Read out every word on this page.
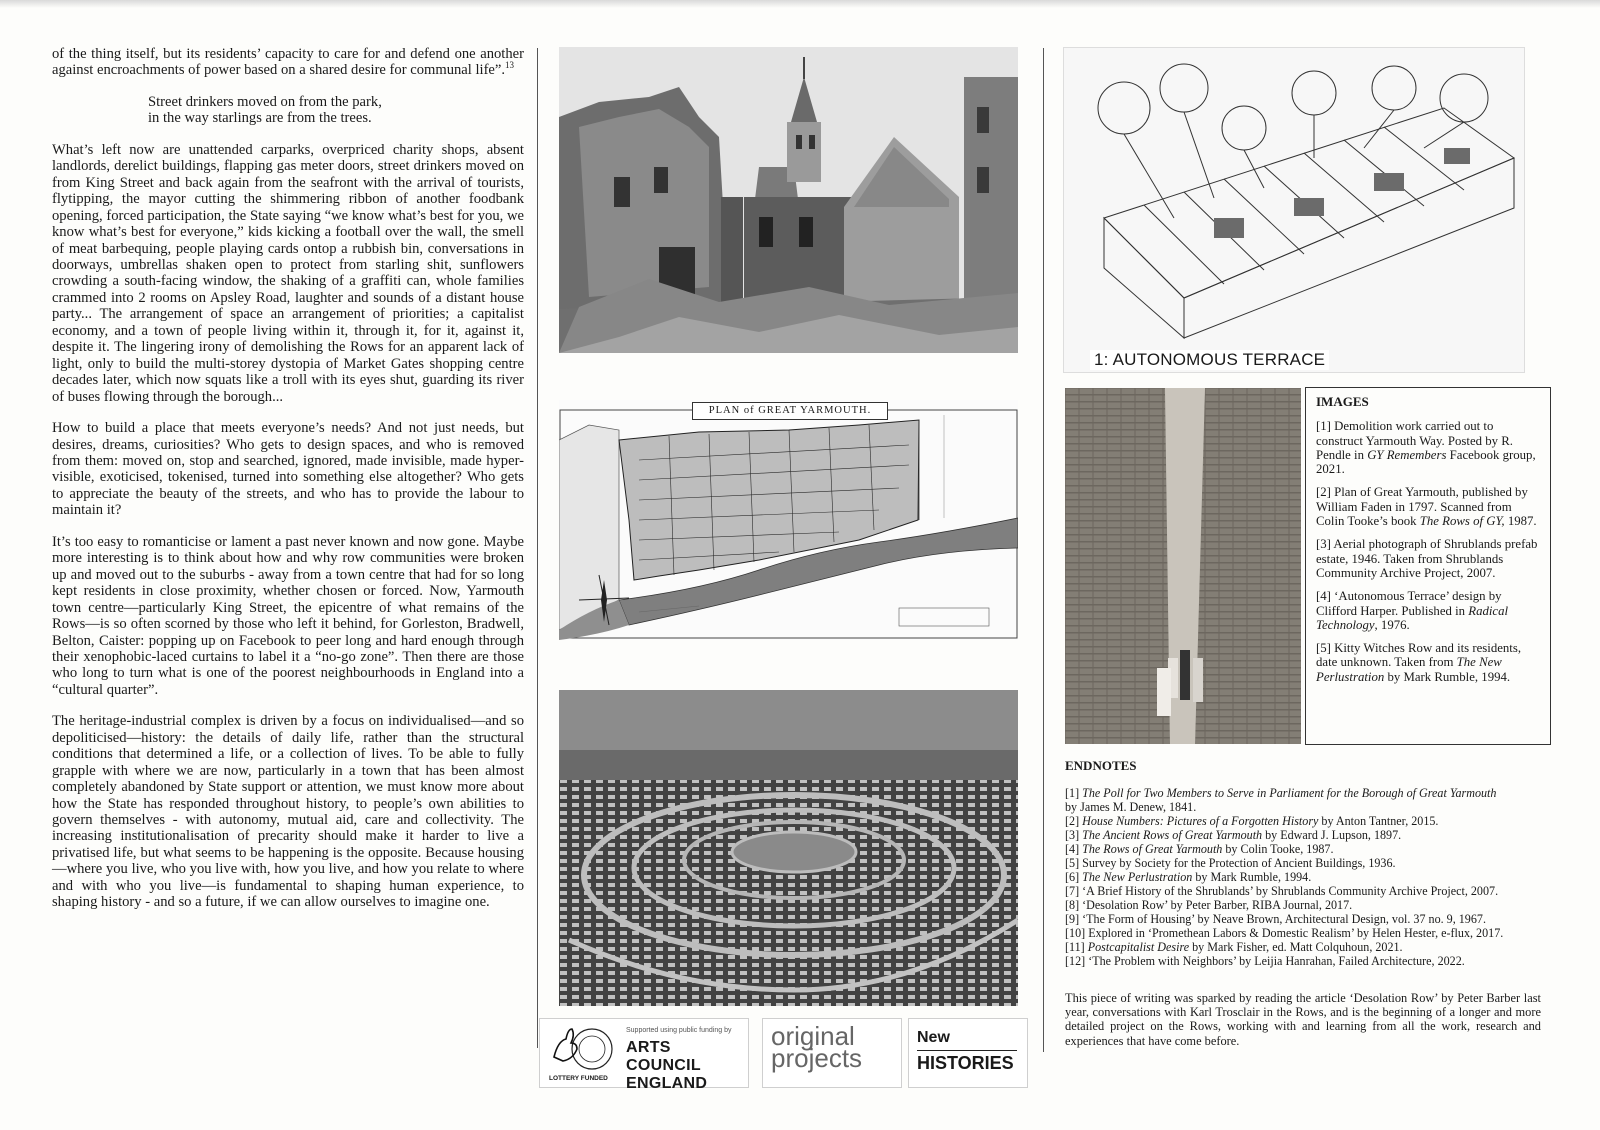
of the thing itself, but its residents’ capacity to care for and defend one another against encroachments of power based on a shared desire for communal life”.$^{13}$

Street drinkers moved on from the park,
in the way starlings are from the trees.

What’s left now are unattended carparks, overpriced charity shops, absent landlords, derelict buildings, flapping gas meter doors, street drinkers moved on from King Street and back again from the seafront with the arrival of tourists, flytipping, the mayor cutting the shimmering ribbon of another foodbank opening, forced participation, the State saying “we know what’s best for you, we know what’s best for everyone,” kids kicking a football over the wall, the smell of meat barbequing, people playing cards ontop a rubbish bin, conversations in doorways, umbrellas shaken open to protect from starling shit, sunflowers crowding a south-facing window, the shaking of a graffiti can, whole families crammed into 2 rooms on Apsley Road, laughter and sounds of a distant house party... The arrangement of space an arrangement of priorities; a capitalist economy, and a town of people living within it, through it, for it, against it, despite it. The lingering irony of demolishing the Rows for an apparent lack of light, only to build the multi-storey dystopia of Market Gates shopping centre decades later, which now squats like a troll with its eyes shut, guarding its river of buses flowing through the borough...

How to build a place that meets everyone’s needs? And not just needs, but desires, dreams, curiosities? Who gets to design spaces, and who is removed from them: moved on, stop and searched, ignored, made invisible, made hyper-visible, exoticised, tokenised, turned into something else altogether? Who gets to appreciate the beauty of the streets, and who has to provide the labour to maintain it?

It’s too easy to romanticise or lament a past never known and now gone. Maybe more interesting is to think about how and why row communities were broken up and moved out to the suburbs - away from a town centre that had for so long kept residents in close proximity, whether chosen or forced. Now, Yarmouth town centre—particularly King Street, the epicentre of what remains of the Rows—is so often scorned by those who left it behind, for Gorleston, Bradwell, Belton, Caister: popping up on Facebook to peer long and hard enough through their xenophobic-laced curtains to label it a “no-go zone”. Then there are those who long to turn what is one of the poorest neighbourhoods in England into a “cultural quarter”.

The heritage-industrial complex is driven by a focus on individualised—and so depoliticised—history: the details of daily life, rather than the structural conditions that determined a life, or a collection of lives. To be able to fully grapple with where we are now, particularly in a town that has been almost completely abandoned by State support or attention, we must know more about how the State has responded throughout history, to people’s own abilities to govern themselves - with autonomy, mutual aid, care and collectivity. The increasing institutionalisation of precarity should make it harder to live a privatised life, but what seems to be happening is the opposite. Because housing—where you live, who you live with, how you live, and how you relate to where and with who you live—is fundamental to shaping human experience, to shaping history - and so a future, if we can allow ourselves to imagine one.

PLAN of GREAT YARMOUTH.
LOTTERY FUNDED
Supported using public funding by
ARTS COUNCIL
ENGLAND
original
projects
New
HISTORIES
1: AUTONOMOUS TERRACE
IMAGES

[1] Demolition work carried out to construct Yarmouth Way. Posted by R. Pendle in GY Remembers Facebook group, 2021.

[2] Plan of Great Yarmouth, published by William Faden in 1797. Scanned from Colin Tooke’s book The Rows of GY, 1987.

[3] Aerial photograph of Shrublands prefab estate, 1946. Taken from Shrublands Community Archive Project, 2007.

[4] ‘Autonomous Terrace’ design by Clifford Harper. Published in Radical Technology, 1976.

[5] Kitty Witches Row and its residents, date unknown. Taken from The New Perlustration by Mark Rumble, 1994.

ENDNOTES
[1] The Poll for Two Members to Serve in Parliament for the Borough of Great Yarmouth
by James M. Denew, 1841.
[2] House Numbers: Pictures of a Forgotten History by Anton Tantner, 2015.
[3] The Ancient Rows of Great Yarmouth by Edward J. Lupson, 1897.
[4] The Rows of Great Yarmouth by Colin Tooke, 1987.
[5] Survey by Society for the Protection of Ancient Buildings, 1936.
[6] The New Perlustration by Mark Rumble, 1994.
[7] ‘A Brief History of the Shrublands’ by Shrublands Community Archive Project, 2007.
[8] ‘Desolation Row’ by Peter Barber, RIBA Journal, 2017.
[9] ‘The Form of Housing’ by Neave Brown, Architectural Design, vol. 37 no. 9, 1967.
[10] Explored in ‘Promethean Labors & Domestic Realism’ by Helen Hester, e-flux, 2017.
[11] Postcapitalist Desire by Mark Fisher, ed. Matt Colquhoun, 2021.
[12] ‘The Problem with Neighbors’ by Leijia Hanrahan, Failed Architecture, 2022.

This piece of writing was sparked by reading the article ‘Desolation Row’ by Peter Barber last year, conversations with Karl Trosclair in the Rows, and is the beginning of a longer and more detailed project on the Rows, working with and learning from all the work, research and experiences that have come before.
